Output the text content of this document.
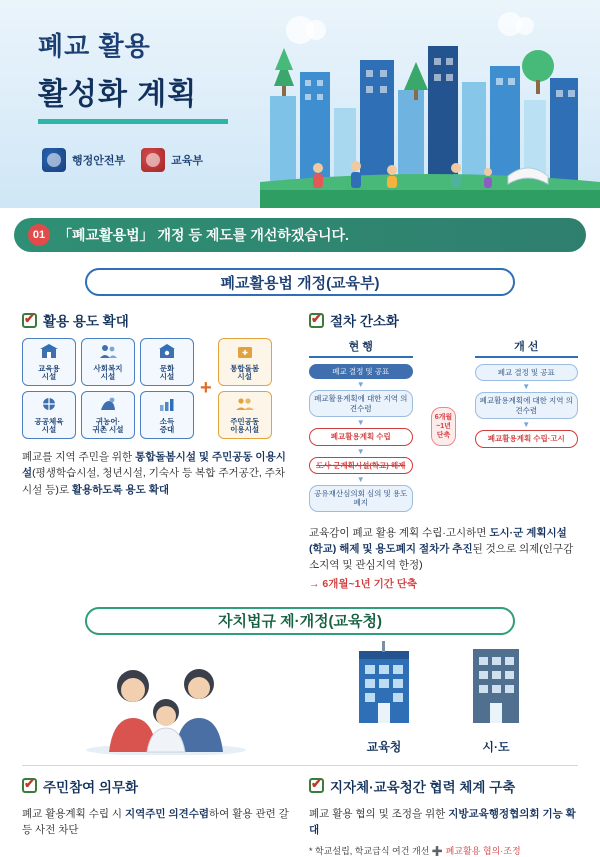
폐교 활용
활성화 계획
행정안전부	교육부
01 「폐교활용법」 개정 등 제도를 개선하겠습니다.
폐교활용법 개정(교육부)
✔
활용 용도 확대
교육용
시설
사회복지
시설
문화
시설
공공체육
시설
귀농어·
귀촌 시설
소득
증대
+
통합돌봄
시설
주민공동
이용시설
폐교를 지역 주민을 위한 통합돌봄시설 및 주민공동 이용시설(평생학습시설, 청년시설, 기숙사 등 복합 주거공간, 주차시설 등)로 활용하도록 용도 확대
✔
절차 간소화
현 행
폐교 결정 및 공표
▼
폐교활용계획에 대한 지역 의견수렴
▼
폐교활용계획 수립
▼
도사·군계획시설(학교) 해제
▼
공유재산심의회 심의 및 용도 폐지
6개월
~1년
단축
개 선
폐교 결정 및 공표
▼
폐교활용계획에 대한 지역 의견수렴
▼
폐교활용계획 수립·고시
교육감이 폐교 활용 계획 수립·고시하면 도시·군 계획시설(학교) 해제 및 용도폐지 절차가 추진된 것으로 의제(인구감소지역 및 관심지역 한정)
→ 6개월~1년 기간 단축
자치법규 제·개정(교육청)
교육청	시·도
✔
주민참여 의무화
폐교 활용계획 수립 시 지역주민 의견수렴하여 활용 관련 갈등 사전 차단
✔
지자체·교육청간 협력 체계 구축
폐교 활용 협의 및 조정을 위한 지방교육행정협의회 기능 확대
* 학교설립, 학교급식 여건 개선 ➕ 폐교활용 협의·조정
